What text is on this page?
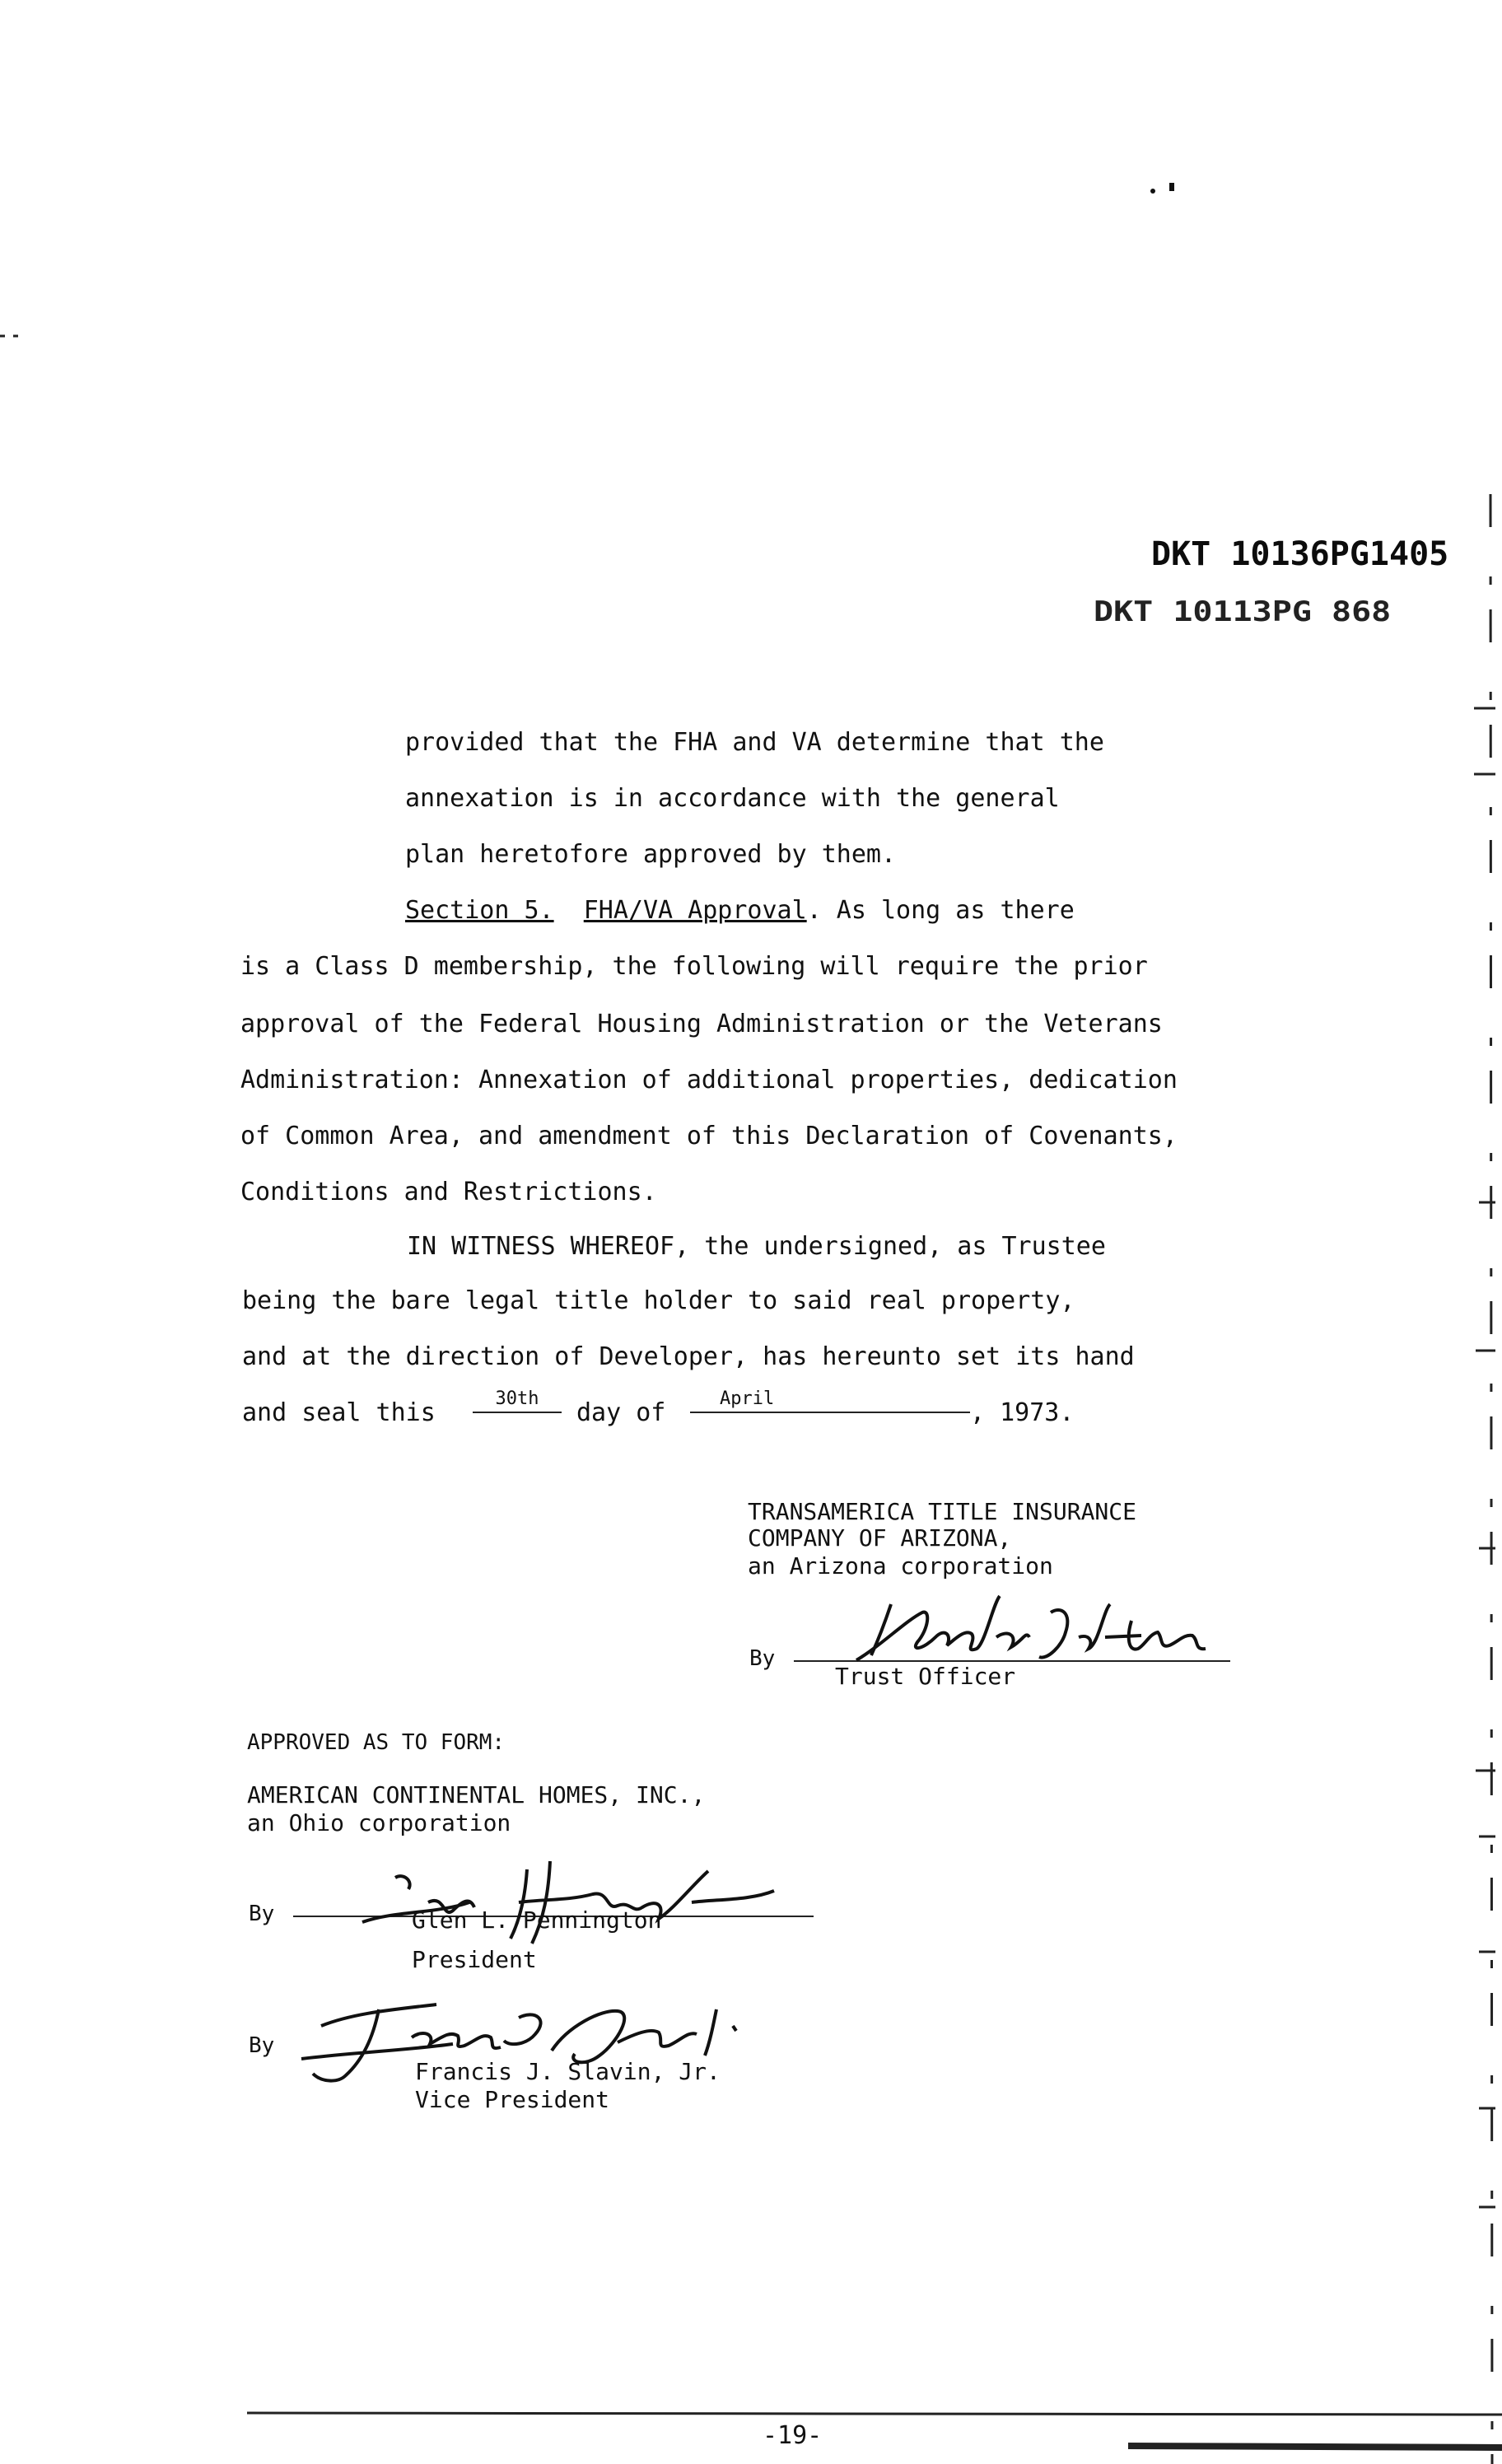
DKT 10136PG1405
DKT 10113PG 868
provided that the FHA and VA determine that the
annexation is in accordance with the general
plan heretofore approved by them.
Section 5. FHA/VA Approval. As long as there
is a Class D membership, the following will require the prior
approval of the Federal Housing Administration or the Veterans
Administration: Annexation of additional properties, dedication
of Common Area, and amendment of this Declaration of Covenants,
Conditions and Restrictions.
IN WITNESS WHEREOF, the undersigned, as Trustee
being the bare legal title holder to said real property,
and at the direction of Developer, has hereunto set its hand
and seal this	30th	day of	April	, 1973.
TRANSAMERICA TITLE INSURANCE
COMPANY OF ARIZONA,
an Arizona corporation
By
Trust Officer
APPROVED AS TO FORM:
AMERICAN CONTINENTAL HOMES, INC.,
an Ohio corporation
By	Glen L. Pennington
President
By
Francis J. Slavin, Jr.
Vice President
-19-
